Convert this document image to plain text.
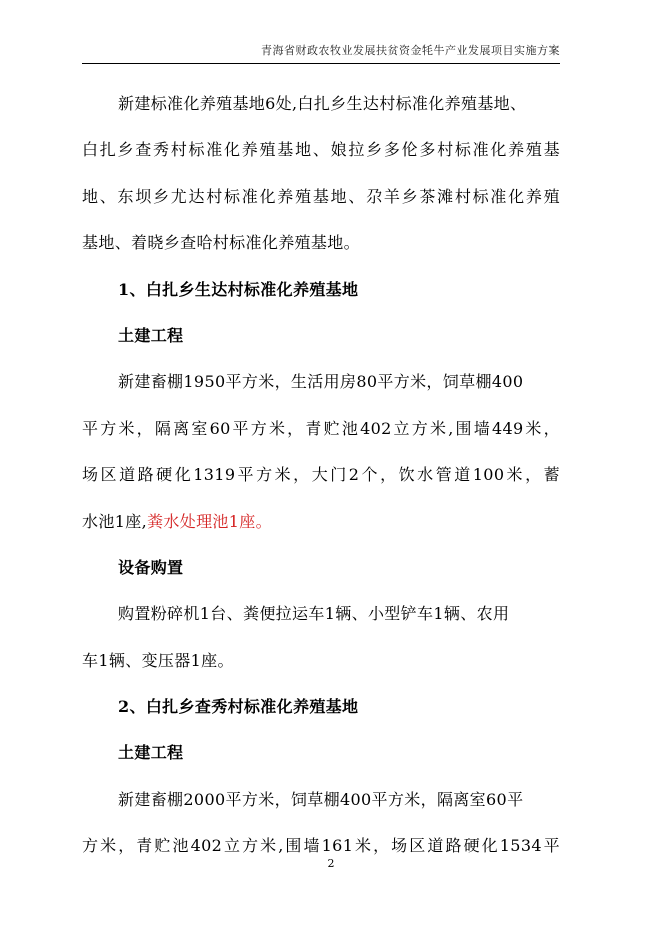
青海省财政农牧业发展扶贫资金牦牛产业发展项目实施方案
新建标准化养殖基地6处,白扎乡生达村标准化养殖基地、
白扎乡查秀村标准化养殖基地、娘拉乡多伦多村标准化养殖基
地、东坝乡尤达村标准化养殖基地、尕羊乡茶滩村标准化养殖
基地、着晓乡查哈村标准化养殖基地。
1、白扎乡生达村标准化养殖基地
土建工程
新建畜棚1950平方米，生活用房80平方米，饲草棚400
平方米，隔离室60平方米，青贮池402立方米,围墙449米，
场区道路硬化1319平方米，大门2个，饮水管道100米，蓄
水池1座,粪水处理池1座。
设备购置
购置粉碎机1台、粪便拉运车1辆、小型铲车1辆、农用
车1辆、变压器1座。
2、白扎乡查秀村标准化养殖基地
土建工程
新建畜棚2000平方米，饲草棚400平方米，隔离室60平
方米，青贮池402立方米,围墙161米，场区道路硬化1534平
2
